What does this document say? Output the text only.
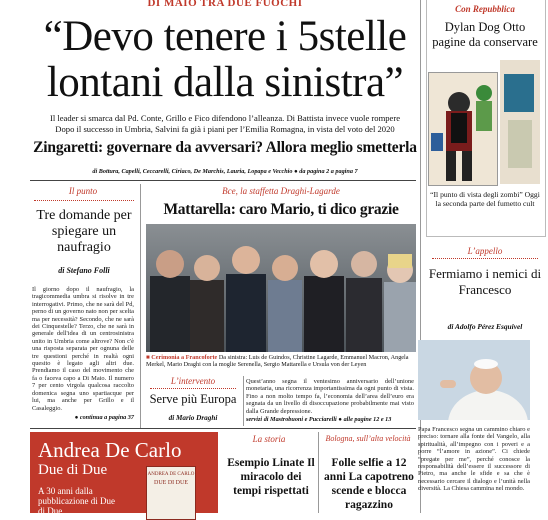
DI MAIO TRA DUE FUOCHI
“Devo tenere i 5stelle
lontani dalla sinistra”
Il leader si smarca dal Pd. Conte, Grillo e Fico difendono l’alleanza. Di Battista invece vuole rompere
Dopo il successo in Umbria, Salvini fa già i piani per l’Emilia Romagna, in vista del voto del 2020
Zingaretti: governare da avversari? Allora meglio smetterla
di Bottura, Capelli, Ceccarelli, Ciriaco, De Marchis, Lauria, Lopapa e Vecchio ● da pagina 2 a pagina 7
Con Repubblica
Dylan Dog Otto pagine da conservare
“Il punto di vista degli zombi” Oggi la seconda parte del fumetto cult
Il punto
Tre domande per spiegare un naufragio
di Stefano Folli
Il giorno dopo il naufragio, la tragicommedia umbra si risolve in tre interrogativi. Primo, che ne sarà del Pd, perno di un governo nato non per scelta ma per necessità? Secondo, che ne sarà dei Cinquestelle? Terzo, che ne sarà in generale dell'idea di un centrosinistra unito in Umbria come altrove? Non c'è una risposta separata per ognuna delle tre questioni perché in realtà ogni quesito è legato agli altri due. Prendiamo il caso del movimento che fa o faceva capo a Di Maio. Il numero 7 per cento virgola qualcosa raccolto domenica segna uno spartiacque per lui, ma anche per Grillo e il Casaleggio.
● continua a pagina 37
Bce, la staffetta Draghi-Lagarde
Mattarella: caro Mario, ti dico grazie
■ Cerimonia a Francoforte Da sinistra: Luis de Guindos, Christine Lagarde, Emmanuel Macron, Angela Merkel, Mario Draghi con la moglie Serenella, Sergio Mattarella e Ursula von der Leyen
L’intervento
Serve più Europa
di Mario Draghi
Quest’anno segna il ventesimo anniversario dell’unione monetaria, una ricorrenza importantissima da ogni punto di vista. Fino a non molto tempo fa, l’economia dell’area dell’euro era segnata da un livello di disoccupazione probabilmente mai visto dalla Grande depressione.
servizi di Mastrobuoni e Pucciarelli ● alle pagine 12 e 13
Andrea De Carlo
Due di Due
A 30 anni dalla pubblicazione di Due di Due
ANDREA DE CARLO
DUE DI DUE
La storia
Esempio Linate Il miracolo dei tempi rispettati
Bologna, sull’alta velocità
Folle selfie a 12 anni La capotreno scende e blocca ragazzino
L’appello
Fermiamo i nemici di Francesco
di Adolfo Pérez Esquivel
Papa Francesco segna un cammino chiaro e preciso: tornare alla fonte del Vangelo, alla spiritualità, all’impegno con i poveri e a porre “l’amore in azione”. Ci chiede “pregate per me”, perché conosce la responsabilità dell’essere il successore di Pietro, ma anche le sfide e sa che è necessario cercare il dialogo e l’unità nella diversità. La Chiesa cammina nel mondo.
